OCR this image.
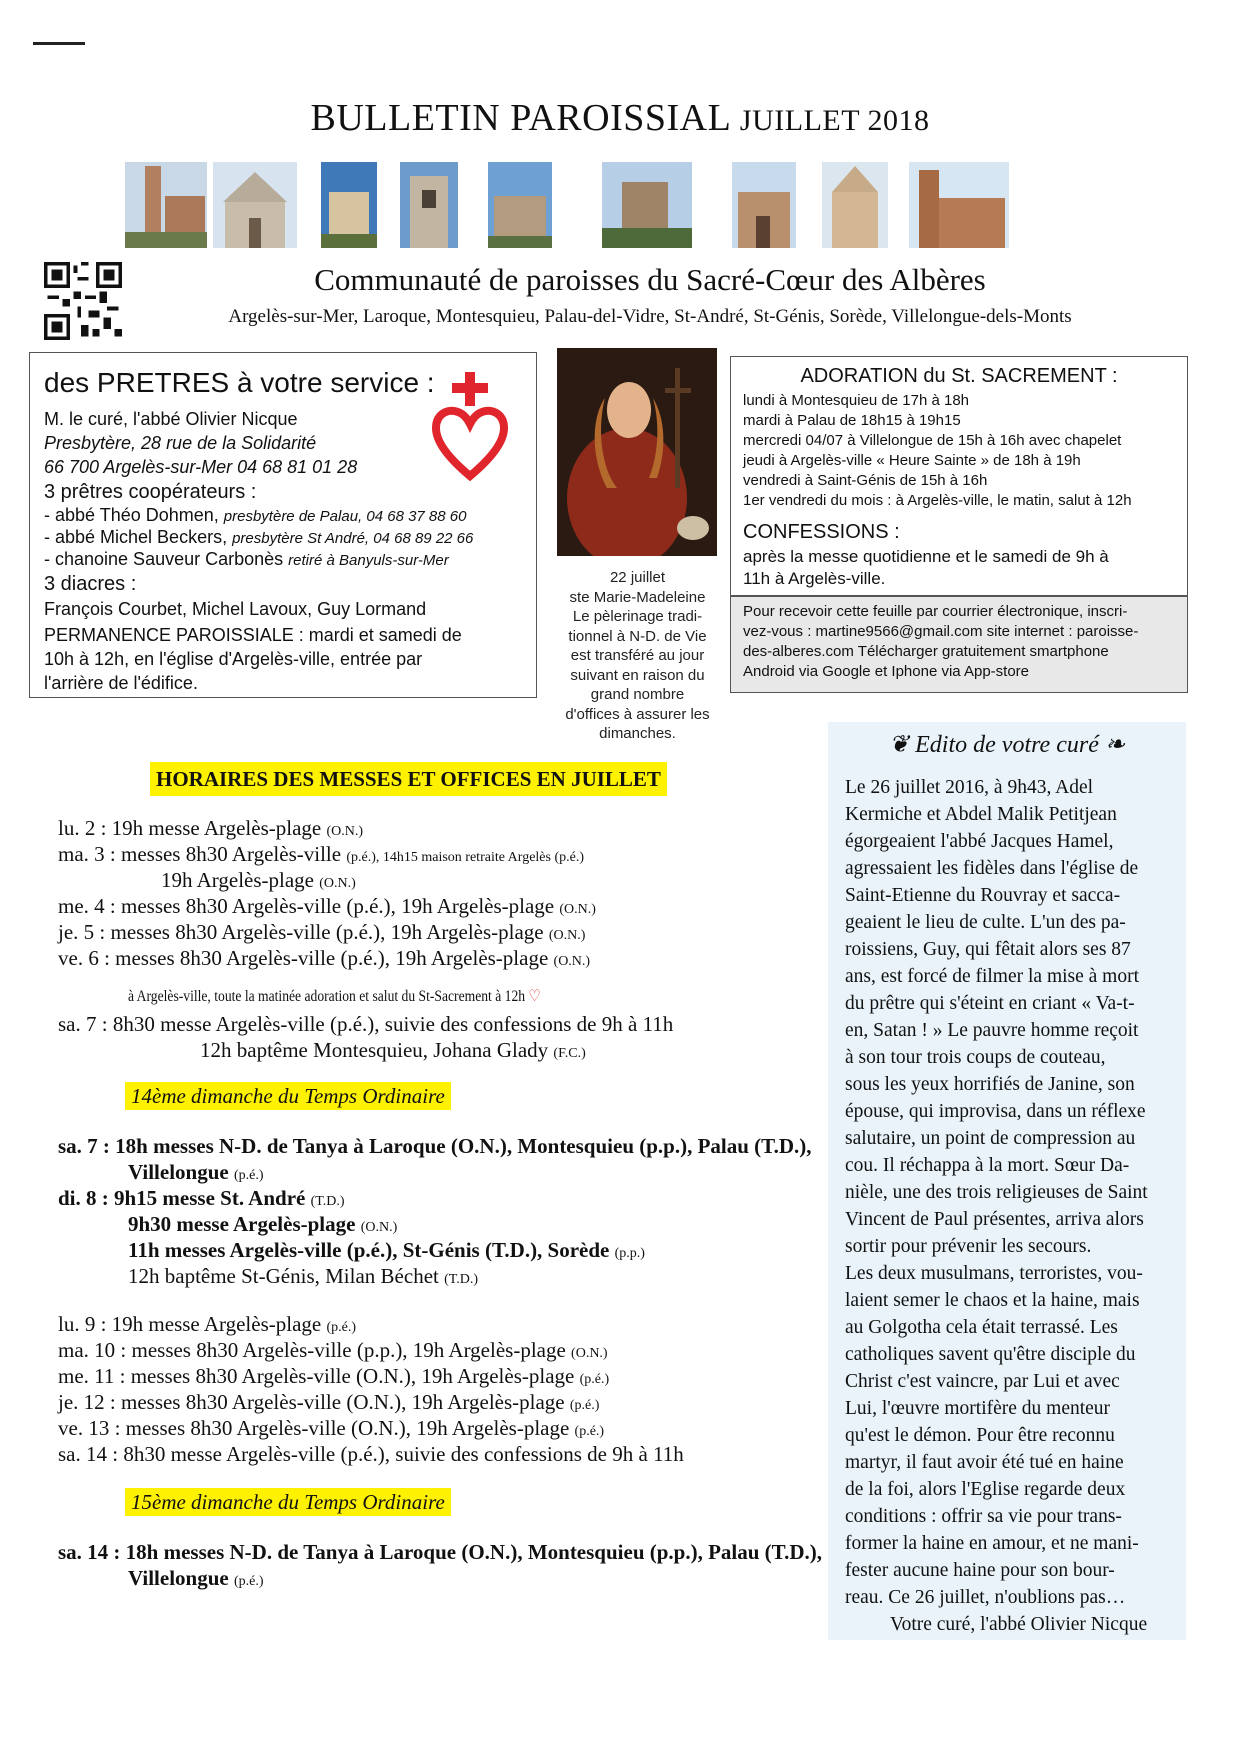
BULLETIN PAROISSIAL JUILLET 2018
Communauté de paroisses du Sacré-Cœur des Albères
Argelès-sur-Mer, Laroque, Montesquieu, Palau-del-Vidre, St-André, St-Génis, Sorède, Villelongue-dels-Monts
des PRETRES à votre service :
M. le curé, l'abbé Olivier Nicque
Presbytère, 28 rue de la Solidarité
66 700 Argelès-sur-Mer 04 68 81 01 28
3 prêtres coopérateurs :
- abbé Théo Dohmen, presbytère de Palau, 04 68 37 88 60
- abbé Michel Beckers, presbytère St André, 04 68 89 22 66
- chanoine Sauveur Carbonès retiré à Banyuls-sur-Mer
3 diacres :
François Courbet, Michel Lavoux, Guy Lormand
PERMANENCE PAROISSIALE : mardi et samedi de
10h à 12h, en l'église d'Argelès-ville, entrée par
l'arrière de l'édifice.
22 juillet
ste Marie-Madeleine
Le pèlerinage tradi-
tionnel à N-D. de Vie
est transféré au jour
suivant en raison du
grand nombre
d'offices à assurer les
dimanches.
ADORATION du St. SACREMENT :
lundi à Montesquieu de 17h à 18h
mardi à Palau de 18h15 à 19h15
mercredi 04/07 à Villelongue de 15h à 16h avec chapelet
jeudi à Argelès-ville « Heure Sainte » de 18h à 19h
vendredi à Saint-Génis de 15h à 16h
1er vendredi du mois : à Argelès-ville, le matin, salut à 12h
CONFESSIONS :
après la messe quotidienne et le samedi de 9h à
11h à Argelès-ville.
Pour recevoir cette feuille par courrier électronique, inscri-
vez-vous : martine9566@gmail.com site internet : paroisse-
des-alberes.com Télécharger gratuitement smartphone
Android via Google et Iphone via App-store
HORAIRES DES MESSES ET OFFICES EN JUILLET
lu. 2 : 19h messe Argelès-plage (O.N.)
ma. 3 : messes 8h30 Argelès-ville (p.é.), 14h15 maison retraite Argelès (p.é.)
19h Argelès-plage (O.N.)
me. 4 : messes 8h30 Argelès-ville (p.é.), 19h Argelès-plage (O.N.)
je. 5 : messes 8h30 Argelès-ville (p.é.), 19h Argelès-plage (O.N.)
ve. 6 : messes 8h30 Argelès-ville (p.é.), 19h Argelès-plage (O.N.)
à Argelès-ville, toute la matinée adoration et salut du St-Sacrement à 12h ♡
sa. 7 : 8h30 messe Argelès-ville (p.é.), suivie des confessions de 9h à 11h
12h baptême Montesquieu, Johana Glady (F.C.)
14ème dimanche du Temps Ordinaire
sa. 7 : 18h messes N-D. de Tanya à Laroque (O.N.), Montesquieu (p.p.), Palau (T.D.),
Villelongue (p.é.)
di. 8 : 9h15 messe St. André (T.D.)
9h30 messe Argelès-plage (O.N.)
11h messes Argelès-ville (p.é.), St-Génis (T.D.), Sorède (p.p.)
12h baptême St-Génis, Milan Béchet (T.D.)
lu. 9 : 19h messe Argelès-plage (p.é.)
ma. 10 : messes 8h30 Argelès-ville (p.p.), 19h Argelès-plage (O.N.)
me. 11 : messes 8h30 Argelès-ville (O.N.), 19h Argelès-plage (p.é.)
je. 12 : messes 8h30 Argelès-ville (O.N.), 19h Argelès-plage (p.é.)
ve. 13 : messes 8h30 Argelès-ville (O.N.), 19h Argelès-plage (p.é.)
sa. 14 : 8h30 messe Argelès-ville (p.é.), suivie des confessions de 9h à 11h
15ème dimanche du Temps Ordinaire
sa. 14 : 18h messes N-D. de Tanya à Laroque (O.N.), Montesquieu (p.p.), Palau (T.D.),
Villelongue (p.é.)
❦ Edito de votre curé ❧
Le 26 juillet 2016, à 9h43, Adel
Kermiche et Abdel Malik Petitjean
égorgeaient l'abbé Jacques Hamel,
agressaient les fidèles dans l'église de
Saint-Etienne du Rouvray et sacca-
geaient le lieu de culte. L'un des pa-
roissiens, Guy, qui fêtait alors ses 87
ans, est forcé de filmer la mise à mort
du prêtre qui s'éteint en criant « Va-t-
en, Satan ! » Le pauvre homme reçoit
à son tour trois coups de couteau,
sous les yeux horrifiés de Janine, son
épouse, qui improvisa, dans un réflexe
salutaire, un point de compression au
cou. Il réchappa à la mort. Sœur Da-
nièle, une des trois religieuses de Saint
Vincent de Paul présentes, arriva alors
sortir pour prévenir les secours.
Les deux musulmans, terroristes, vou-
laient semer le chaos et la haine, mais
au Golgotha cela était terrassé. Les
catholiques savent qu'être disciple du
Christ c'est vaincre, par Lui et avec
Lui, l'œuvre mortifère du menteur
qu'est le démon. Pour être reconnu
martyr, il faut avoir été tué en haine
de la foi, alors l'Eglise regarde deux
conditions : offrir sa vie pour trans-
former la haine en amour, et ne mani-
fester aucune haine pour son bour-
reau. Ce 26 juillet, n'oublions pas…
Votre curé, l'abbé Olivier Nicque
